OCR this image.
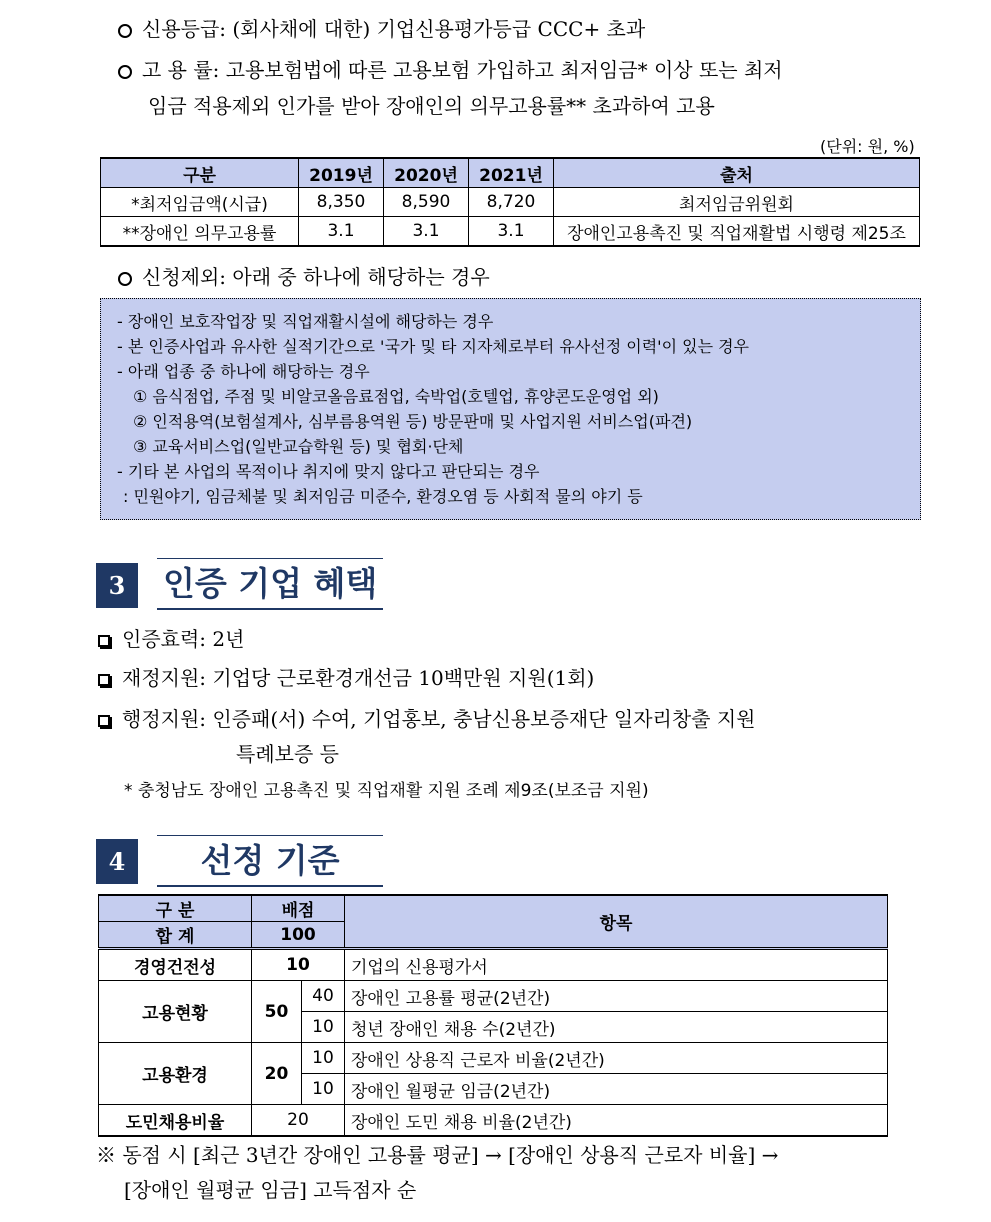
신용등급: (회사채에 대한) 기업신용평가등급 CCC+ 초과
고 용 률: 고용보험법에 따른 고용보험 가입하고 최저임금* 이상 또는 최저
임금 적용제외 인가를 받아 장애인의 의무고용률** 초과하여 고용
(단위: 원, %)
구분	2019년	2020년	2021년	출처
*최저임금액(시급)	8,350	8,590	8,720	최저임금위원회
**장애인 의무고용률	3.1	3.1	3.1	장애인고용촉진 및 직업재활법 시행령 제25조
신청제외: 아래 중 하나에 해당하는 경우
- 장애인 보호작업장 및 직업재활시설에 해당하는 경우
- 본 인증사업과 유사한 실적기간으로 '국가 및 타 지자체로부터 유사선정 이력'이 있는 경우
- 아래 업종 중 하나에 해당하는 경우
① 음식점업, 주점 및 비알코올음료점업, 숙박업(호텔업, 휴양콘도운영업 외)
② 인적용역(보험설계사, 심부름용역원 등) 방문판매 및 사업지원 서비스업(파견)
③ 교육서비스업(일반교습학원 등) 및 협회·단체
- 기타 본 사업의 목적이나 취지에 맞지 않다고 판단되는 경우
: 민원야기, 임금체불 및 최저임금 미준수, 환경오염 등 사회적 물의 야기 등
3	인증 기업 혜택
인증효력: 2년
재정지원: 기업당 근로환경개선금 10백만원 지원(1회)
행정지원: 인증패(서) 수여, 기업홍보, 충남신용보증재단 일자리창출 지원
특례보증 등
* 충청남도 장애인 고용촉진 및 직업재활 지원 조례 제9조(보조금 지원)
4	선정 기준
구 분	배점		항목
합 계	100		
경영건전성	10		기업의 신용평가서
고용현황	50	40	장애인 고용률 평균(2년간)
		10	청년 장애인 채용 수(2년간)
고용환경	20	10	장애인 상용직 근로자 비율(2년간)
		10	장애인 월평균 임금(2년간)
도민채용비율	20		장애인 도민 채용 비율(2년간)
※ 동점 시 [최근 3년간 장애인 고용률 평균] → [장애인 상용직 근로자 비율] →
[장애인 월평균 임금] 고득점자 순
